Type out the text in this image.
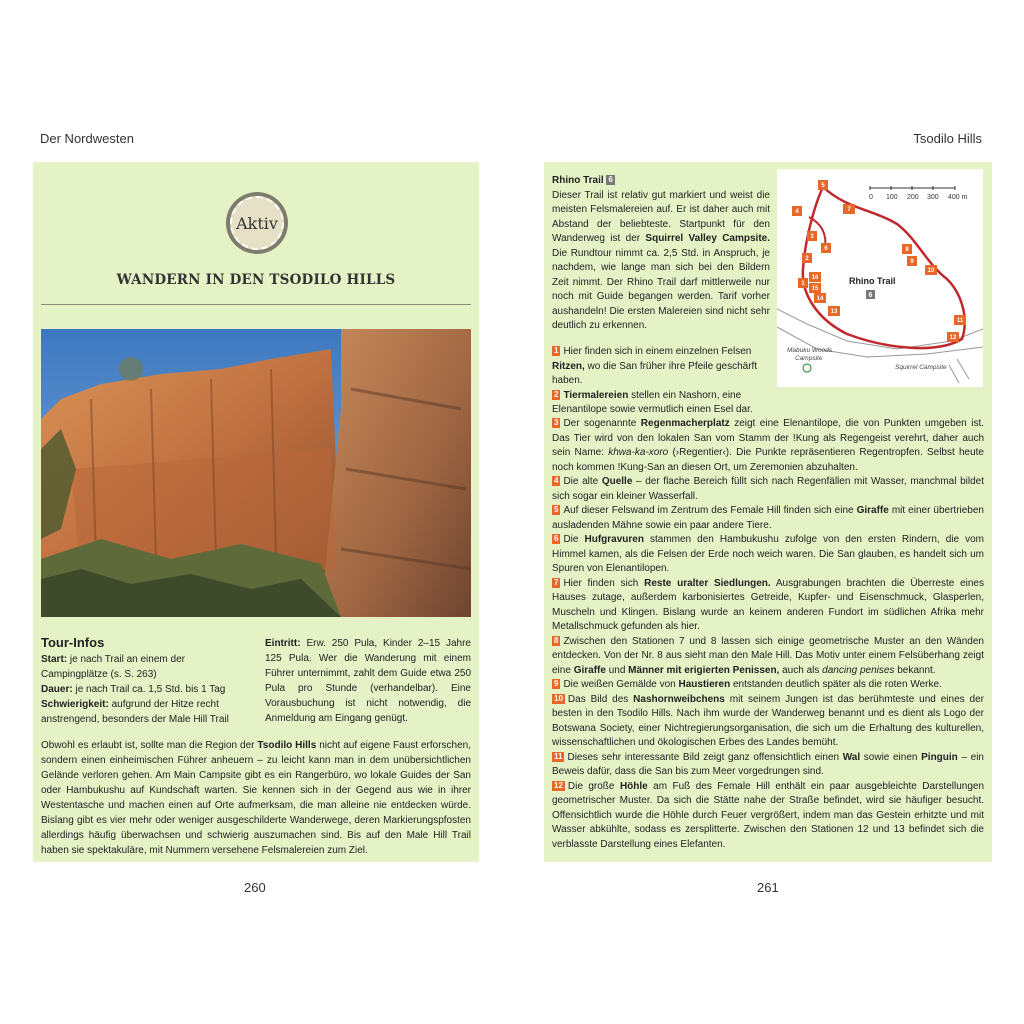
Der Nordwesten	Tsodilo Hills
Aktiv
WANDERN IN DEN TSODILO HILLS
Tour-Infos
Start: je nach Trail an einem der Campingplätze (s. S. 263)
Dauer: je nach Trail ca. 1,5 Std. bis 1 Tag
Schwierigkeit: aufgrund der Hitze recht anstrengend, besonders der Male Hill Trail
Eintritt: Erw. 250 Pula, Kinder 2–15 Jahre 125 Pula. Wer die Wanderung mit einem Führer unternimmt, zahlt dem Guide etwa 250 Pula pro Stunde (verhandelbar). Eine Vorausbuchung ist nicht notwendig, die Anmeldung am Eingang genügt.
Obwohl es erlaubt ist, sollte man die Region der Tsodilo Hills nicht auf eigene Faust erforschen, sondern einen einheimischen Führer anheuern – zu leicht kann man in dem unübersichtlichen Gelände verloren gehen. Am Main Campsite gibt es ein Rangerbüro, wo lokale Guides der San oder Hambukushu auf Kundschaft warten. Sie kennen sich in der Gegend aus wie in ihrer Westentasche und machen einen auf Orte aufmerksam, die man alleine nie entdecken würde. Bislang gibt es vier mehr oder weniger ausgeschilderte Wanderwege, deren Markierungspfosten allerdings häufig überwachsen und schwierig auszumachen sind. Bis auf den Male Hill Trail haben sie spektakuläre, mit Nummern versehene Felsmalereien zum Ziel.
Rhino Trail 6
Dieser Trail ist relativ gut markiert und weist die meisten Felsmalereien auf. Er ist daher auch mit Abstand der beliebteste. Startpunkt für den Wanderweg ist der Squirrel Valley Campsite. Die Rundtour nimmt ca. 2,5 Std. in Anspruch, je nachdem, wie lange man sich bei den Bildern Zeit nimmt. Der Rhino Trail darf mittlerweile nur noch mit Guide begangen werden. Tarif vorher aushandeln! Die ersten Malereien sind nicht sehr deutlich zu erkennen.
0 100 200 300 400 m
1
2
3
4
5
6
7
8
9
10
11
12
13
14
15
16	Rhino Trail
6
Mabuku Woods
Campsite
Squirrel Campsite

1 Hier finden sich in einem einzelnen Felsen Ritzen, wo die San früher ihre Pfeile geschärft haben.

2 Tiermalereien stellen ein Nashorn, eine Elenantilope sowie vermutlich einen Esel dar.

3 Der sogenannte Regenmacherplatz zeigt eine Elenantilope, die von Punkten umgeben ist. Das Tier wird von den lokalen San vom Stamm der !Kung als Regengeist verehrt, daher auch sein Name: khwa-ka-xoro (›Regentier‹). Die Punkte repräsentieren Regentropfen. Selbst heute noch kommen !Kung-San an diesen Ort, um Zeremonien abzuhalten.

4 Die alte Quelle – der flache Bereich füllt sich nach Regenfällen mit Wasser, manchmal bildet sich sogar ein kleiner Wasserfall.

5 Auf dieser Felswand im Zentrum des Female Hill finden sich eine Giraffe mit einer übertrieben ausladenden Mähne sowie ein paar andere Tiere.

6 Die Hufgravuren stammen den Hambukushu zufolge von den ersten Rindern, die vom Himmel kamen, als die Felsen der Erde noch weich waren. Die San glauben, es handelt sich um Spuren von Elenantilopen.

7 Hier finden sich Reste uralter Siedlungen. Ausgrabungen brachten die Überreste eines Hauses zutage, außerdem karbonisiertes Getreide, Kupfer- und Eisenschmuck, Glasperlen, Muscheln und Klingen. Bislang wurde an keinem anderen Fundort im südlichen Afrika mehr Metallschmuck gefunden als hier.

8 Zwischen den Stationen 7 und 8 lassen sich einige geometrische Muster an den Wänden entdecken. Von der Nr. 8 aus sieht man den Male Hill. Das Motiv unter einem Felsüberhang zeigt eine Giraffe und Männer mit erigierten Penissen, auch als dancing penises bekannt.

9 Die weißen Gemälde von Haustieren entstanden deutlich später als die roten Werke.

10 Das Bild des Nashornweibchens mit seinem Jungen ist das berühmteste und eines der besten in den Tsodilo Hills. Nach ihm wurde der Wanderweg benannt und es dient als Logo der Botswana Society, einer Nichtregierungsorganisation, die sich um die Erhaltung des kulturellen, wissenschaftlichen und ökologischen Erbes des Landes bemüht.

11 Dieses sehr interessante Bild zeigt ganz offensichtlich einen Wal sowie einen Pinguin – ein Beweis dafür, dass die San bis zum Meer vorgedrungen sind.

12 Die große Höhle am Fuß des Female Hill enthält ein paar ausgebleichte Darstellungen geometrischer Muster. Da sich die Stätte nahe der Straße befindet, wird sie häufiger besucht. Offensichtlich wurde die Höhle durch Feuer vergrößert, indem man das Gestein erhitzte und mit Wasser abkühlte, sodass es zersplitterte. Zwischen den Stationen 12 und 13 befindet sich die verblasste Darstellung eines Elefanten.

260	261
